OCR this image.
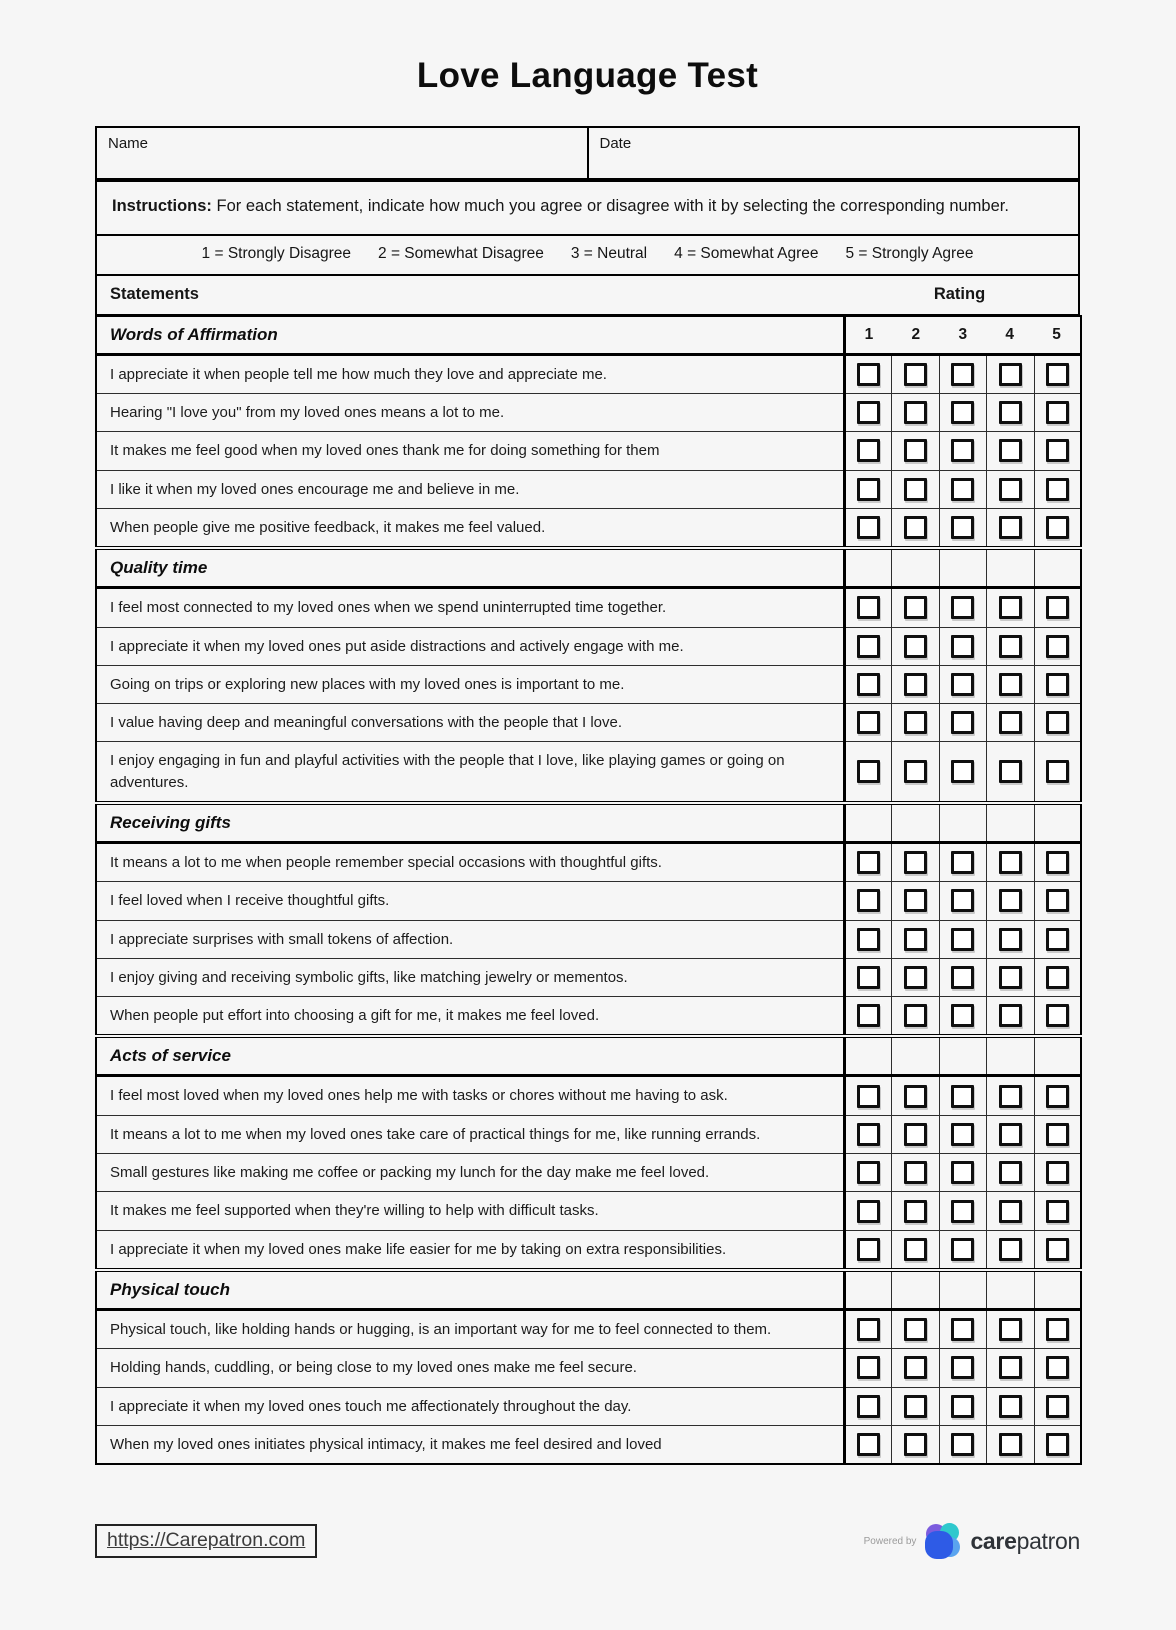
Love Language Test
Name	Date
Instructions: For each statement, indicate how much you agree or disagree with it by selecting the corresponding number.
1 = Strongly Disagree 2 = Somewhat Disagree 3 = Neutral 4 = Somewhat Agree 5 = Strongly Agree
Statements	Rating
Words of Affirmation	1 2 3 4 5				

I appreciate it when people tell me how much they love and appreciate me.					
Hearing "I love you" from my loved ones means a lot to me.					
It makes me feel good when my loved ones thank me for doing something for them					
I like it when my loved ones encourage me and believe in me.					
When people give me positive feedback, it makes me feel valued.					
Quality time					
I feel most connected to my loved ones when we spend uninterrupted time together.					
I appreciate it when my loved ones put aside distractions and actively engage with me.					
Going on trips or exploring new places with my loved ones is important to me.					
I value having deep and meaningful conversations with the people that I love.					
I enjoy engaging in fun and playful activities with the people that I love, like playing games or going on adventures.					
Receiving gifts					
It means a lot to me when people remember special occasions with thoughtful gifts.					
I feel loved when I receive thoughtful gifts.					
I appreciate surprises with small tokens of affection.					
I enjoy giving and receiving symbolic gifts, like matching jewelry or mementos.					
When people put effort into choosing a gift for me, it makes me feel loved.					
Acts of service					
I feel most loved when my loved ones help me with tasks or chores without me having to ask.					
It means a lot to me when my loved ones take care of practical things for me, like running errands.					
Small gestures like making me coffee or packing my lunch for the day make me feel loved.					
It makes me feel supported when they're willing to help with difficult tasks.					
I appreciate it when my loved ones make life easier for me by taking on extra responsibilities.					
Physical touch					
Physical touch, like holding hands or hugging, is an important way for me to feel connected to them.					
Holding hands, cuddling, or being close to my loved ones make me feel secure.					
I appreciate it when my loved ones touch me affectionately throughout the day.					
When my loved ones initiates physical intimacy, it makes me feel desired and loved					
https://Carepatron.com	Powered by carepatron
